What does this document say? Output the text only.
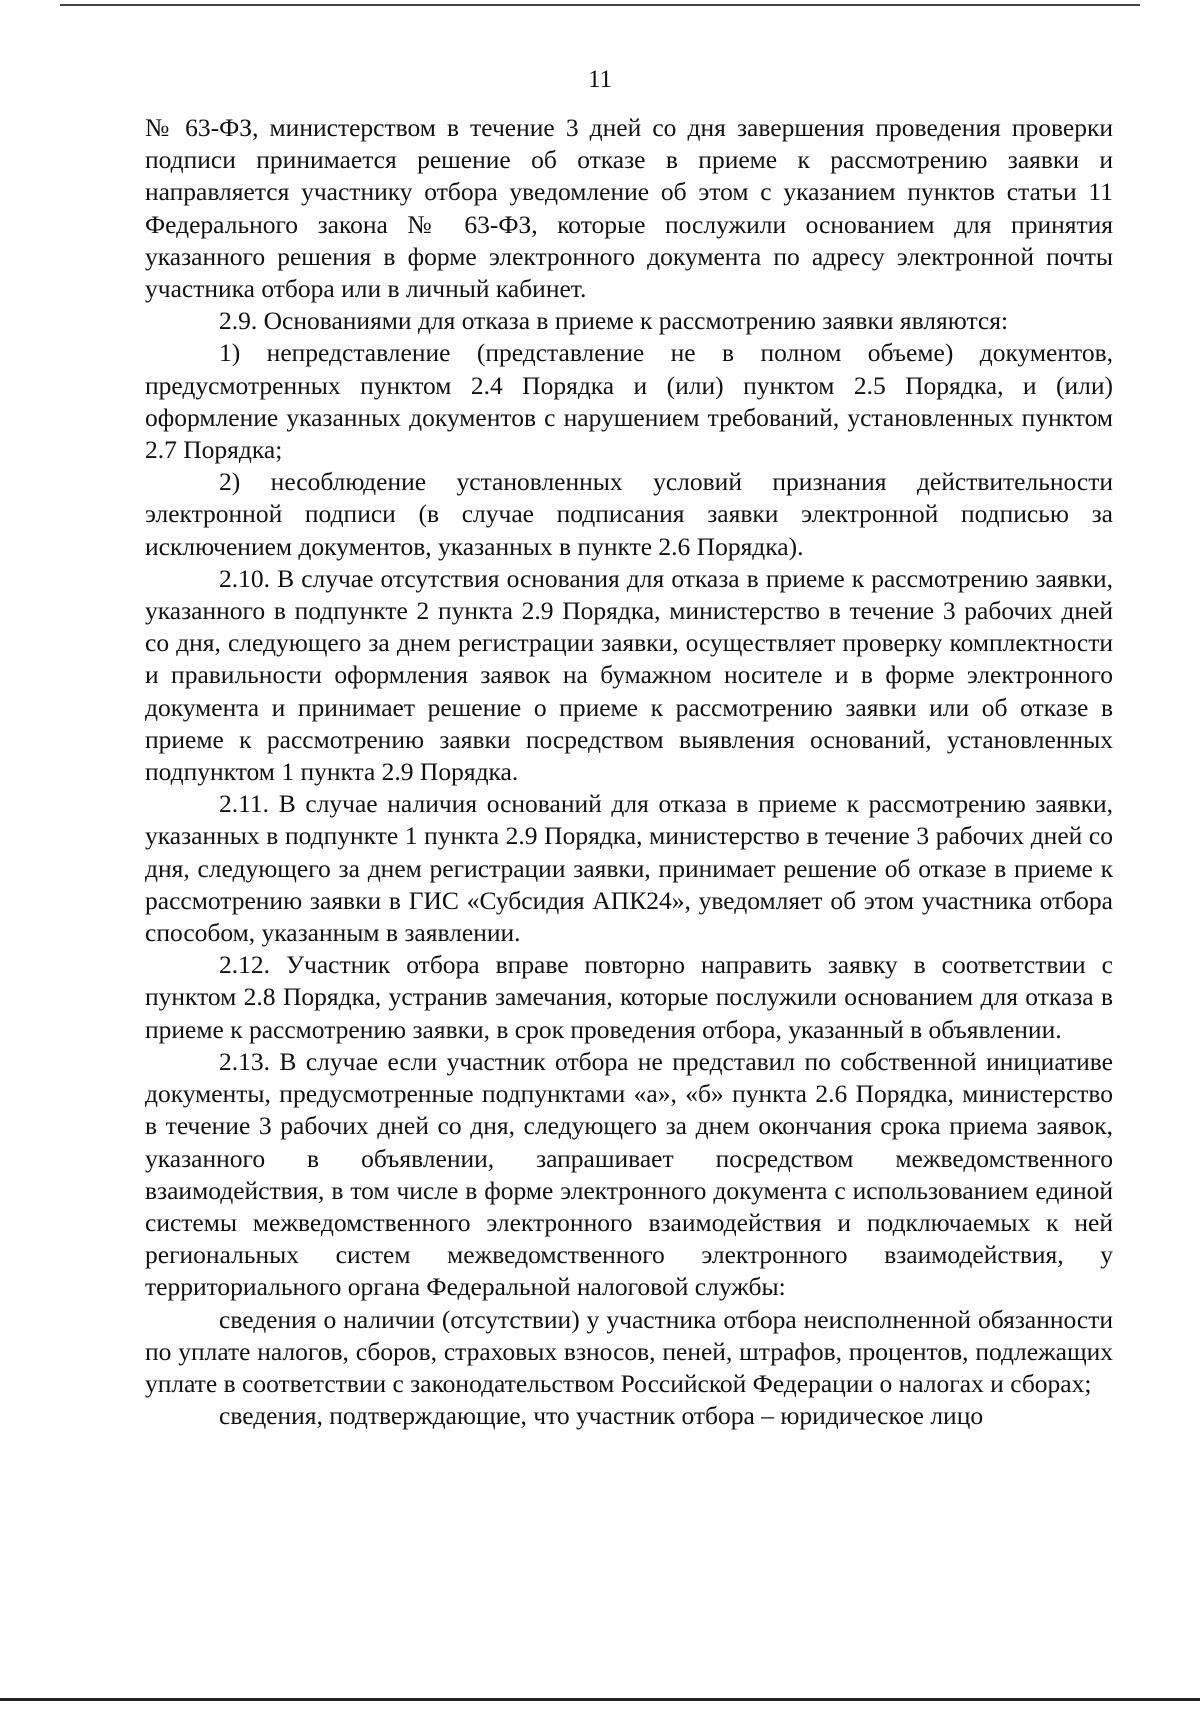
11

№ 63-ФЗ, министерством в течение 3 дней со дня завершения проведения проверки подписи принимается решение об отказе в приеме к рассмотрению заявки и направляется участнику отбора уведомление об этом с указанием пунктов статьи 11 Федерального закона № 63-ФЗ, которые послужили основанием для принятия указанного решения в форме электронного документа по адресу электронной почты участника отбора или в личный кабинет.

2.9. Основаниями для отказа в приеме к рассмотрению заявки являются:

1) непредставление (представление не в полном объеме) документов, предусмотренных пунктом 2.4 Порядка и (или) пунктом 2.5 Порядка, и (или) оформление указанных документов с нарушением требований, установленных пунктом 2.7 Порядка;

2) несоблюдение установленных условий признания действительности электронной подписи (в случае подписания заявки электронной подписью за исключением документов, указанных в пункте 2.6 Порядка).

2.10. В случае отсутствия основания для отказа в приеме к рассмотрению заявки, указанного в подпункте 2 пункта 2.9 Порядка, министерство в течение 3 рабочих дней со дня, следующего за днем регистрации заявки, осуществляет проверку комплектности и правильности оформления заявок на бумажном носителе и в форме электронного документа и принимает решение о приеме к рассмотрению заявки или об отказе в приеме к рассмотрению заявки посредством выявления оснований, установленных подпунктом 1 пункта 2.9 Порядка.

2.11. В случае наличия оснований для отказа в приеме к рассмотрению заявки, указанных в подпункте 1 пункта 2.9 Порядка, министерство в течение 3 рабочих дней со дня, следующего за днем регистрации заявки, принимает решение об отказе в приеме к рассмотрению заявки в ГИС «Субсидия АПК24», уведомляет об этом участника отбора способом, указанным в заявлении.

2.12. Участник отбора вправе повторно направить заявку в соответствии с пунктом 2.8 Порядка, устранив замечания, которые послужили основанием для отказа в приеме к рассмотрению заявки, в срок проведения отбора, указанный в объявлении.

2.13. В случае если участник отбора не представил по собственной инициативе документы, предусмотренные подпунктами «а», «б» пункта 2.6 Порядка, министерство в течение 3 рабочих дней со дня, следующего за днем окончания срока приема заявок, указанного в объявлении, запрашивает посредством межведомственного взаимодействия, в том числе в форме электронного документа с использованием единой системы межведомственного электронного взаимодействия и подключаемых к ней региональных систем межведомственного электронного взаимодействия, у территориального органа Федеральной налоговой службы:

сведения о наличии (отсутствии) у участника отбора неисполненной обязанности по уплате налогов, сборов, страховых взносов, пеней, штрафов, процентов, подлежащих уплате в соответствии с законодательством Российской Федерации о налогах и сборах;

сведения, подтверждающие, что участник отбора – юридическое лицо
